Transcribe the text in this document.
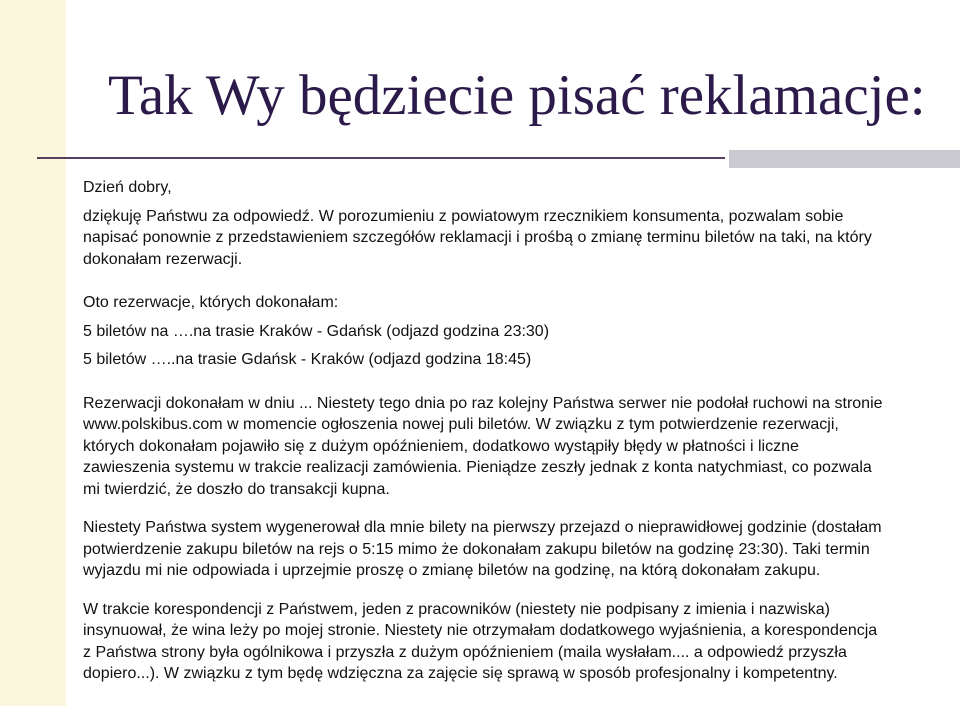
Tak Wy będziecie pisać reklamacje:

Dzień dobry,

dziękuję Państwu za odpowiedź. W porozumieniu z powiatowym rzecznikiem konsumenta, pozwalam sobie

napisać ponownie z przedstawieniem szczegółów reklamacji i prośbą o zmianę terminu biletów na taki, na który

dokonałam rezerwacji.

Oto rezerwacje, których dokonałam:

5 biletów na ….na trasie Kraków - Gdańsk (odjazd godzina 23:30)

5 biletów …..na trasie Gdańsk - Kraków (odjazd godzina 18:45)

Rezerwacji dokonałam w dniu ... Niestety tego dnia po raz kolejny Państwa serwer nie podołał ruchowi na stronie

www.polskibus.com w momencie ogłoszenia nowej puli biletów. W związku z tym potwierdzenie rezerwacji,

których dokonałam pojawiło się z dużym opóźnieniem, dodatkowo wystąpiły błędy w płatności i liczne

zawieszenia systemu w trakcie realizacji zamówienia. Pieniądze zeszły jednak z konta natychmiast, co pozwala

mi twierdzić, że doszło do transakcji kupna.

Niestety Państwa system wygenerował dla mnie bilety na pierwszy przejazd o nieprawidłowej godzinie (dostałam

potwierdzenie zakupu biletów na rejs o 5:15 mimo że dokonałam zakupu biletów na godzinę 23:30). Taki termin

wyjazdu mi nie odpowiada i uprzejmie proszę o zmianę biletów na godzinę, na którą dokonałam zakupu.

W trakcie korespondencji z Państwem, jeden z pracowników (niestety nie podpisany z imienia i nazwiska)

insynuował, że wina leży po mojej stronie. Niestety nie otrzymałam dodatkowego wyjaśnienia, a korespondencja

z Państwa strony była ogólnikowa i przyszła z dużym opóźnieniem (maila wysłałam.... a odpowiedź przyszła

dopiero...). W związku z tym będę wdzięczna za zajęcie się sprawą w sposób profesjonalny i kompetentny.
